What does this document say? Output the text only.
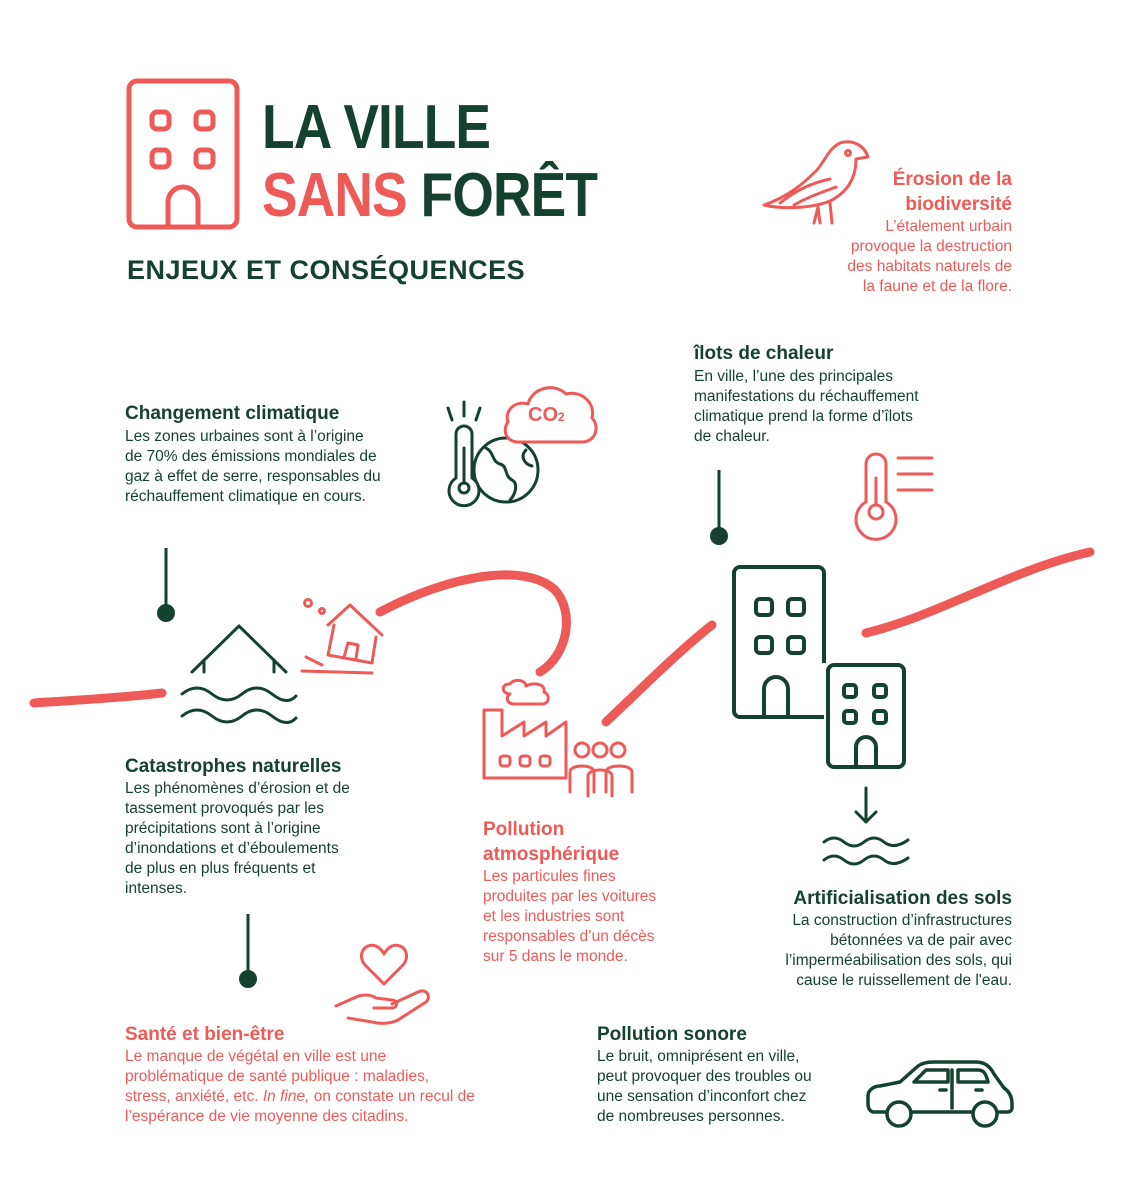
LA VILLE
SANS FORÊT
ENJEUX ET CONSÉQUENCES
Érosion de la
biodiversité
L’étalement urbain
provoque la destruction
des habitats naturels de
la faune et de la flore.
îlots de chaleur
En ville, l’une des principales
manifestations du réchauffement
climatique prend la forme d’îlots
de chaleur.
Changement climatique
Les zones urbaines sont à l’origine
de 70% des émissions mondiales de
gaz à effet de serre, responsables du
réchauffement climatique en cours.
CO2
Catastrophes naturelles
Les phénomènes d’érosion et de
tassement provoqués par les
précipitations sont à l’origine
d’inondations et d’éboulements
de plus en plus fréquents et
intenses.
Pollution
atmosphérique
Les particules fines
produites par les voitures
et les industries sont
responsables d’un décès
sur 5 dans le monde.
Artificialisation des sols
La construction d’infrastructures
bétonnées va de pair avec
l’imperméabilisation des sols, qui
cause le ruissellement de l'eau.
Santé et bien-être
Le manque de végétal en ville est une
problématique de santé publique : maladies,
stress, anxiété, etc. In fine, on constate un recul de
l’espérance de vie moyenne des citadins.
Pollution sonore
Le bruit, omniprésent en ville,
peut provoquer des troubles ou
une sensation d’inconfort chez
de nombreuses personnes.
